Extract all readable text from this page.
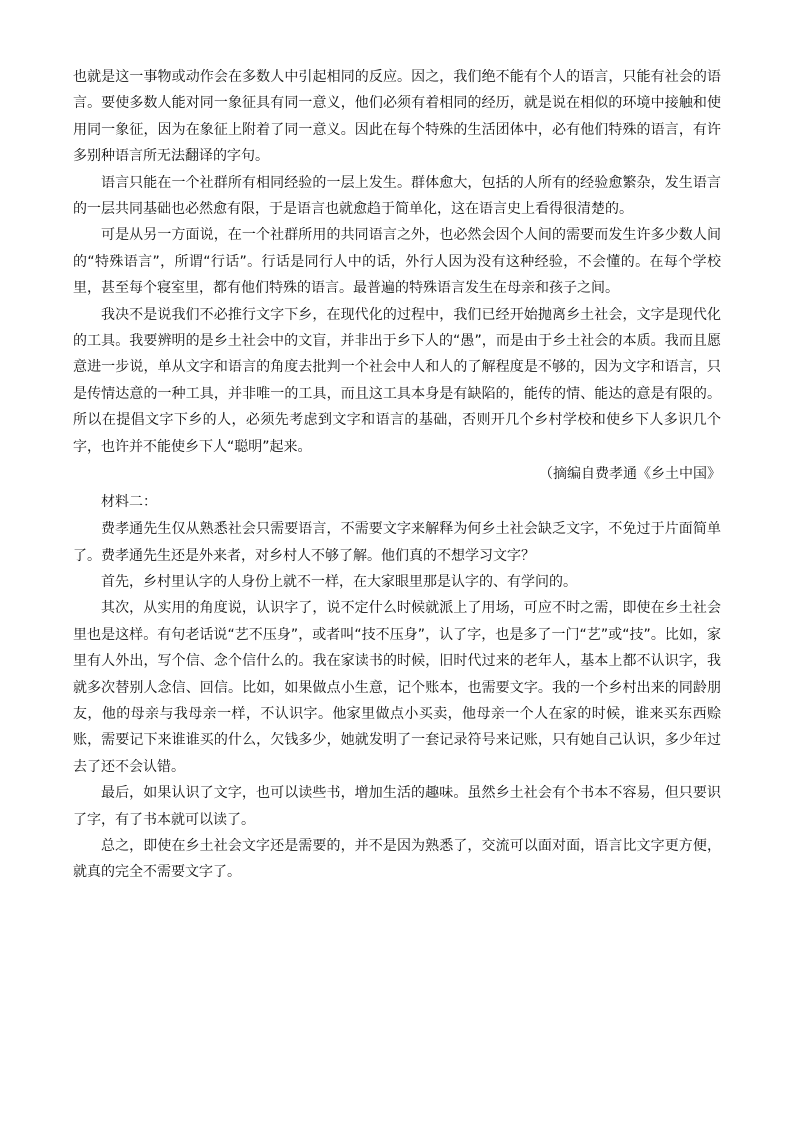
也就是这一事物或动作会在多数人中引起相同的反应。因之，我们绝不能有个人的语言，只能有社会的语言。要使多数人能对同一象征具有同一意义，他们必须有着相同的经历，就是说在相似的环境中接触和使用同一象征，因为在象征上附着了同一意义。因此在每个特殊的生活团体中，必有他们特殊的语言，有许多别种语言所无法翻译的字句。

语言只能在一个社群所有相同经验的一层上发生。群体愈大，包括的人所有的经验愈繁杂，发生语言的一层共同基础也必然愈有限，于是语言也就愈趋于简单化，这在语言史上看得很清楚的。

可是从另一方面说，在一个社群所用的共同语言之外，也必然会因个人间的需要而发生许多少数人间的“特殊语言”，所谓“行话”。行话是同行人中的话，外行人因为没有这种经验，不会懂的。在每个学校里，甚至每个寝室里，都有他们特殊的语言。最普遍的特殊语言发生在母亲和孩子之间。

我决不是说我们不必推行文字下乡，在现代化的过程中，我们已经开始抛离乡土社会，文字是现代化的工具。我要辨明的是乡土社会中的文盲，并非出于乡下人的“愚”，而是由于乡土社会的本质。我而且愿意进一步说，单从文字和语言的角度去批判一个社会中人和人的了解程度是不够的，因为文字和语言，只是传情达意的一种工具，并非唯一的工具，而且这工具本身是有缺陷的，能传的情、能达的意是有限的。所以在提倡文字下乡的人，必须先考虑到文字和语言的基础，否则开几个乡村学校和使乡下人多识几个字，也许并不能使乡下人“聪明”起来。

（摘编自费孝通《乡土中国》

材料二：

费孝通先生仅从熟悉社会只需要语言，不需要文字来解释为何乡土社会缺乏文字，不免过于片面简单了。费孝通先生还是外来者，对乡村人不够了解。他们真的不想学习文字？

首先，乡村里认字的人身份上就不一样，在大家眼里那是认字的、有学问的。

其次，从实用的角度说，认识字了，说不定什么时候就派上了用场，可应不时之需，即使在乡土社会里也是这样。有句老话说“艺不压身”，或者叫“技不压身”，认了字，也是多了一门“艺”或“技”。比如，家里有人外出，写个信、念个信什么的。我在家读书的时候，旧时代过来的老年人，基本上都不认识字，我就多次替别人念信、回信。比如，如果做点小生意，记个账本，也需要文字。我的一个乡村出来的同龄朋友，他的母亲与我母亲一样，不认识字。他家里做点小买卖，他母亲一个人在家的时候，谁来买东西赊账，需要记下来谁谁买的什么，欠钱多少，她就发明了一套记录符号来记账，只有她自己认识，多少年过去了还不会认错。

最后，如果认识了文字，也可以读些书，增加生活的趣味。虽然乡土社会有个书本不容易，但只要识了字，有了书本就可以读了。

总之，即使在乡土社会文字还是需要的，并不是因为熟悉了，交流可以面对面，语言比文字更方便，就真的完全不需要文字了。
